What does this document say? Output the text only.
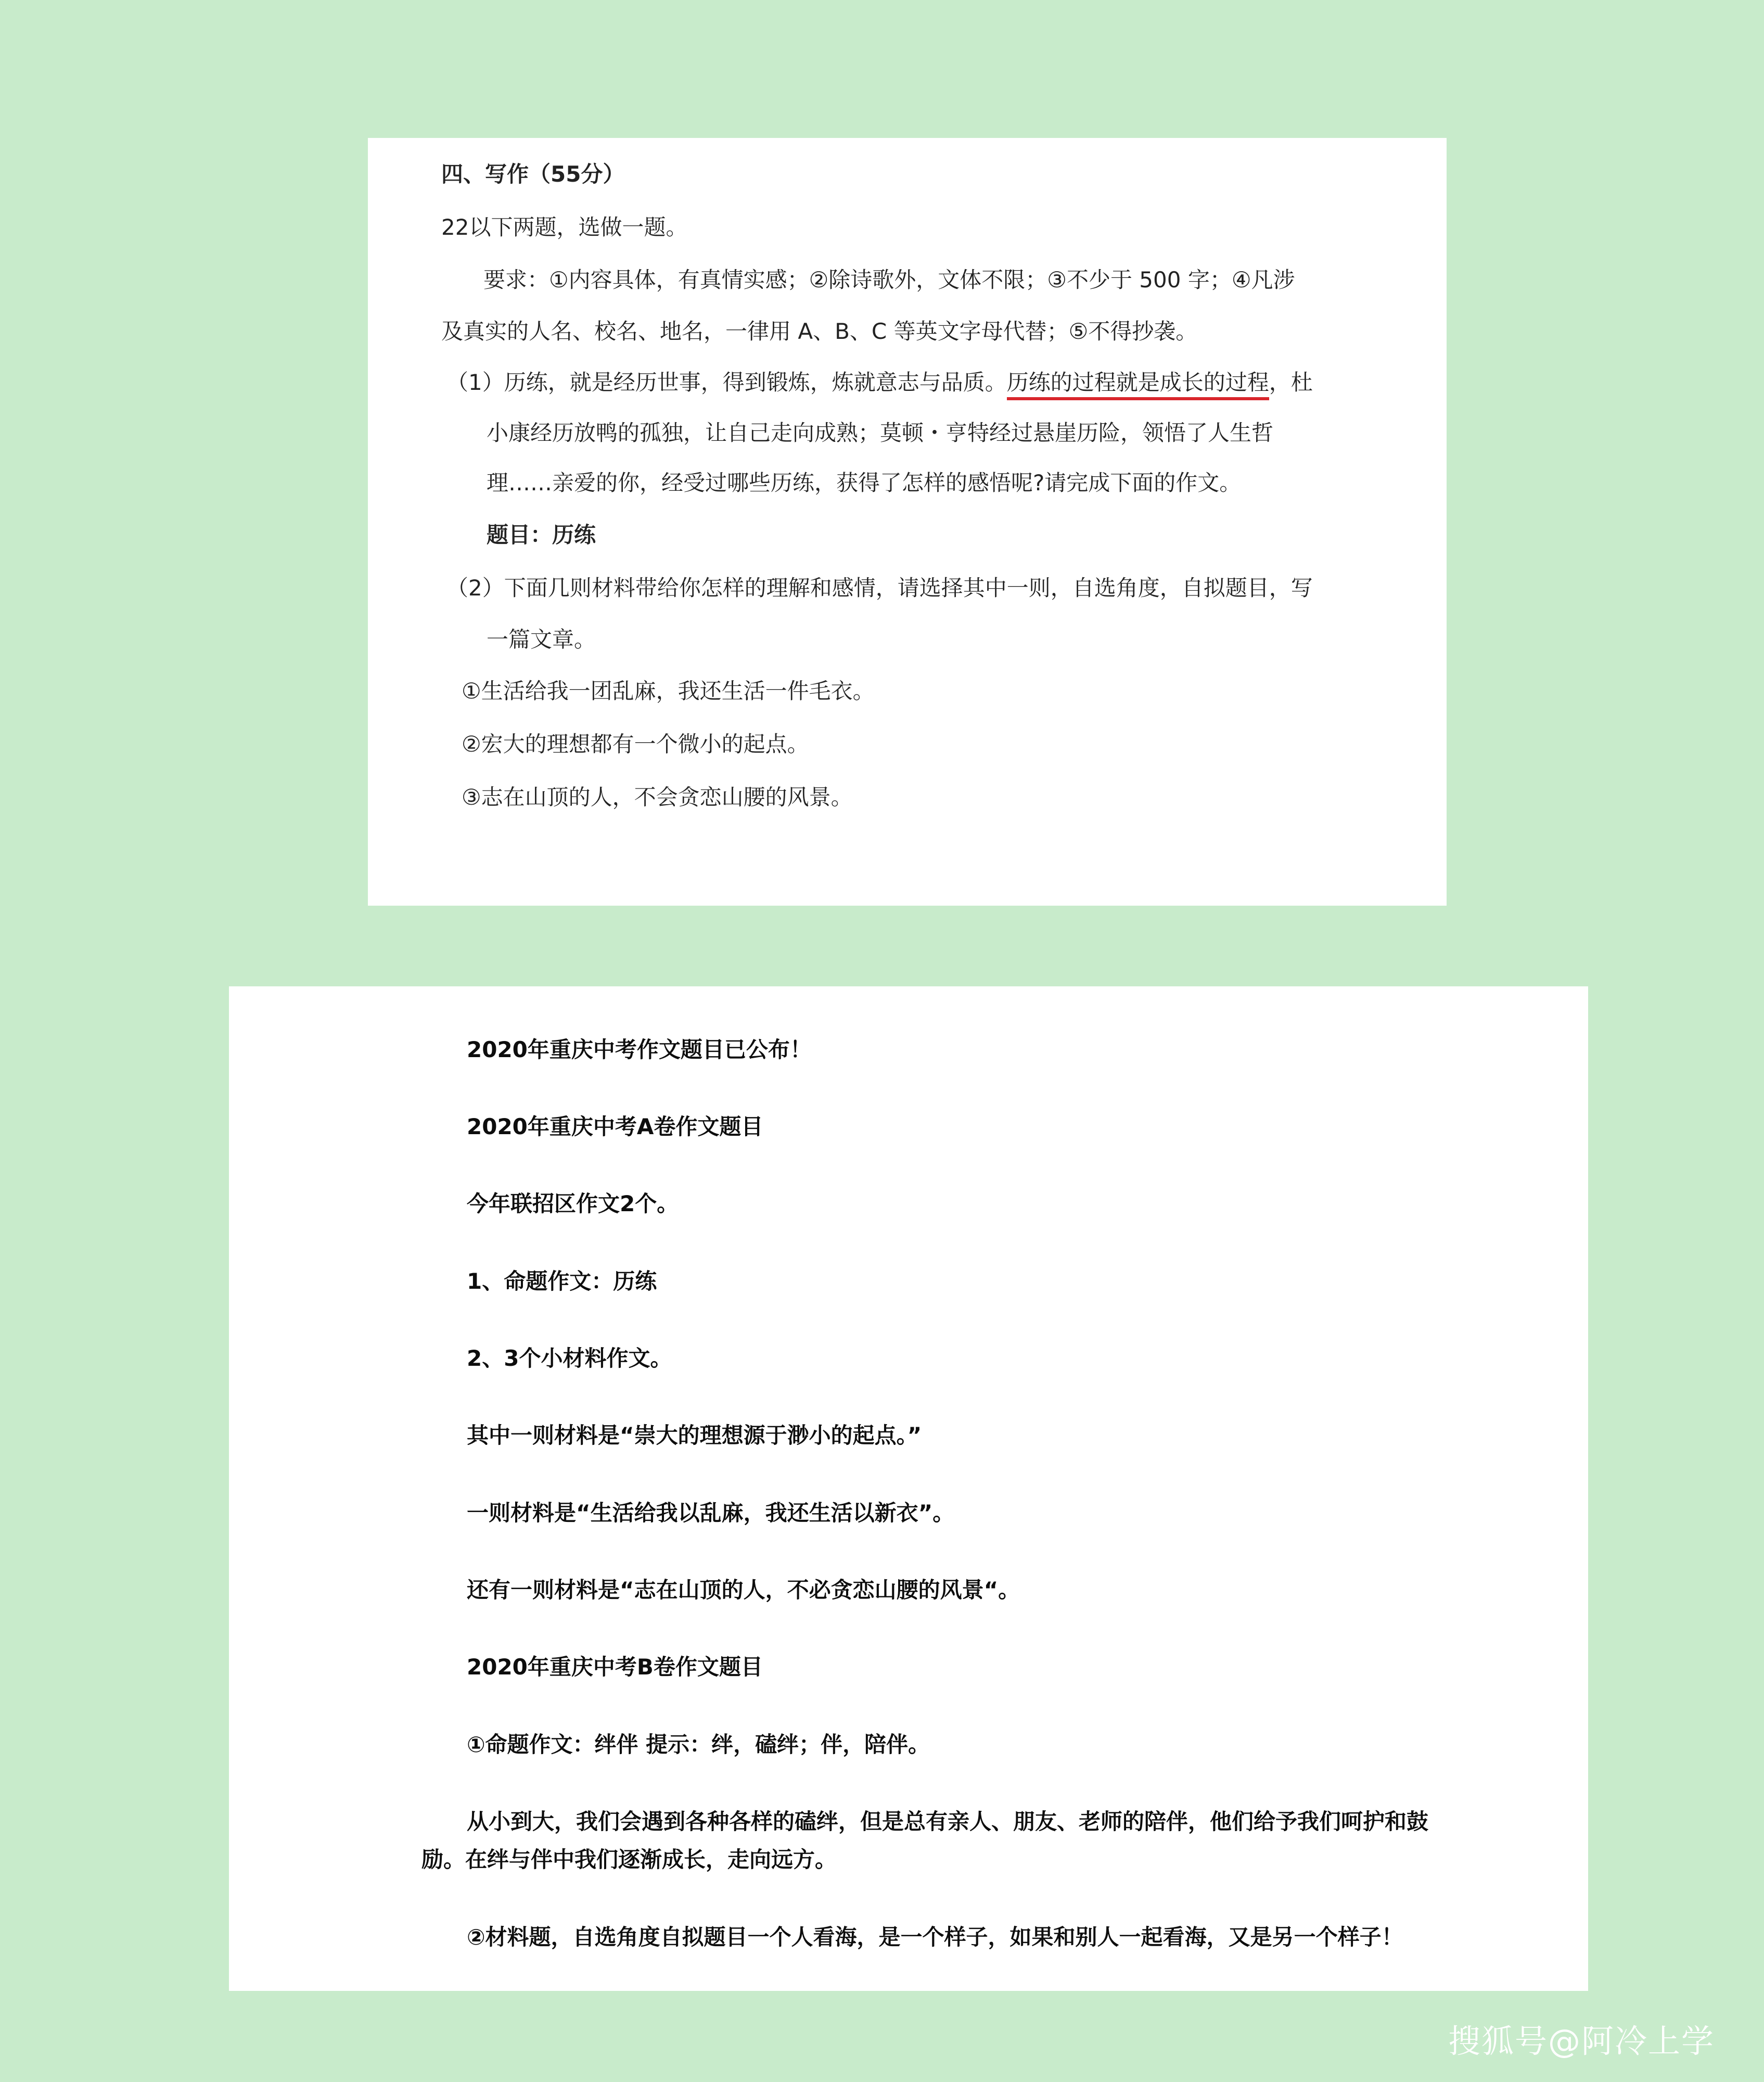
四、写作（55分）
22以下两题，选做一题。
要求：①内容具体，有真情实感；②除诗歌外，文体不限；③不少于 500 字；④凡涉
及真实的人名、校名、地名，一律用 A、B、C 等英文字母代替；⑤不得抄袭。
（1）历练，就是经历世事，得到锻炼，炼就意志与品质。历练的过程就是成长的过程，杜
小康经历放鸭的孤独，让自己走向成熟；莫顿・亨特经过悬崖历险，领悟了人生哲
理……亲爱的你，经受过哪些历练，获得了怎样的感悟呢?请完成下面的作文。
题目：历练
（2）下面几则材料带给你怎样的理解和感情，请选择其中一则，自选角度，自拟题目，写
一篇文章。
①生活给我一团乱麻，我还生活一件毛衣。
②宏大的理想都有一个微小的起点。
③志在山顶的人，不会贪恋山腰的风景。
2020年重庆中考作文题目已公布！
2020年重庆中考A卷作文题目
今年联招区作文2个。
1、命题作文：历练
2、3个小材料作文。
其中一则材料是“崇大的理想源于渺小的起点。”
一则材料是“生活给我以乱麻，我还生活以新衣”。
还有一则材料是“志在山顶的人，不必贪恋山腰的风景“。
2020年重庆中考B卷作文题目
①命题作文：绊伴 提示：绊，磕绊；伴，陪伴。
从小到大，我们会遇到各种各样的磕绊，但是总有亲人、朋友、老师的陪伴，他们给予我们呵护和鼓
励。在绊与伴中我们逐渐成长，走向远方。
②材料题，自选角度自拟题目一个人看海，是一个样子，如果和别人一起看海，又是另一个样子！
搜狐号@阿冷上学
